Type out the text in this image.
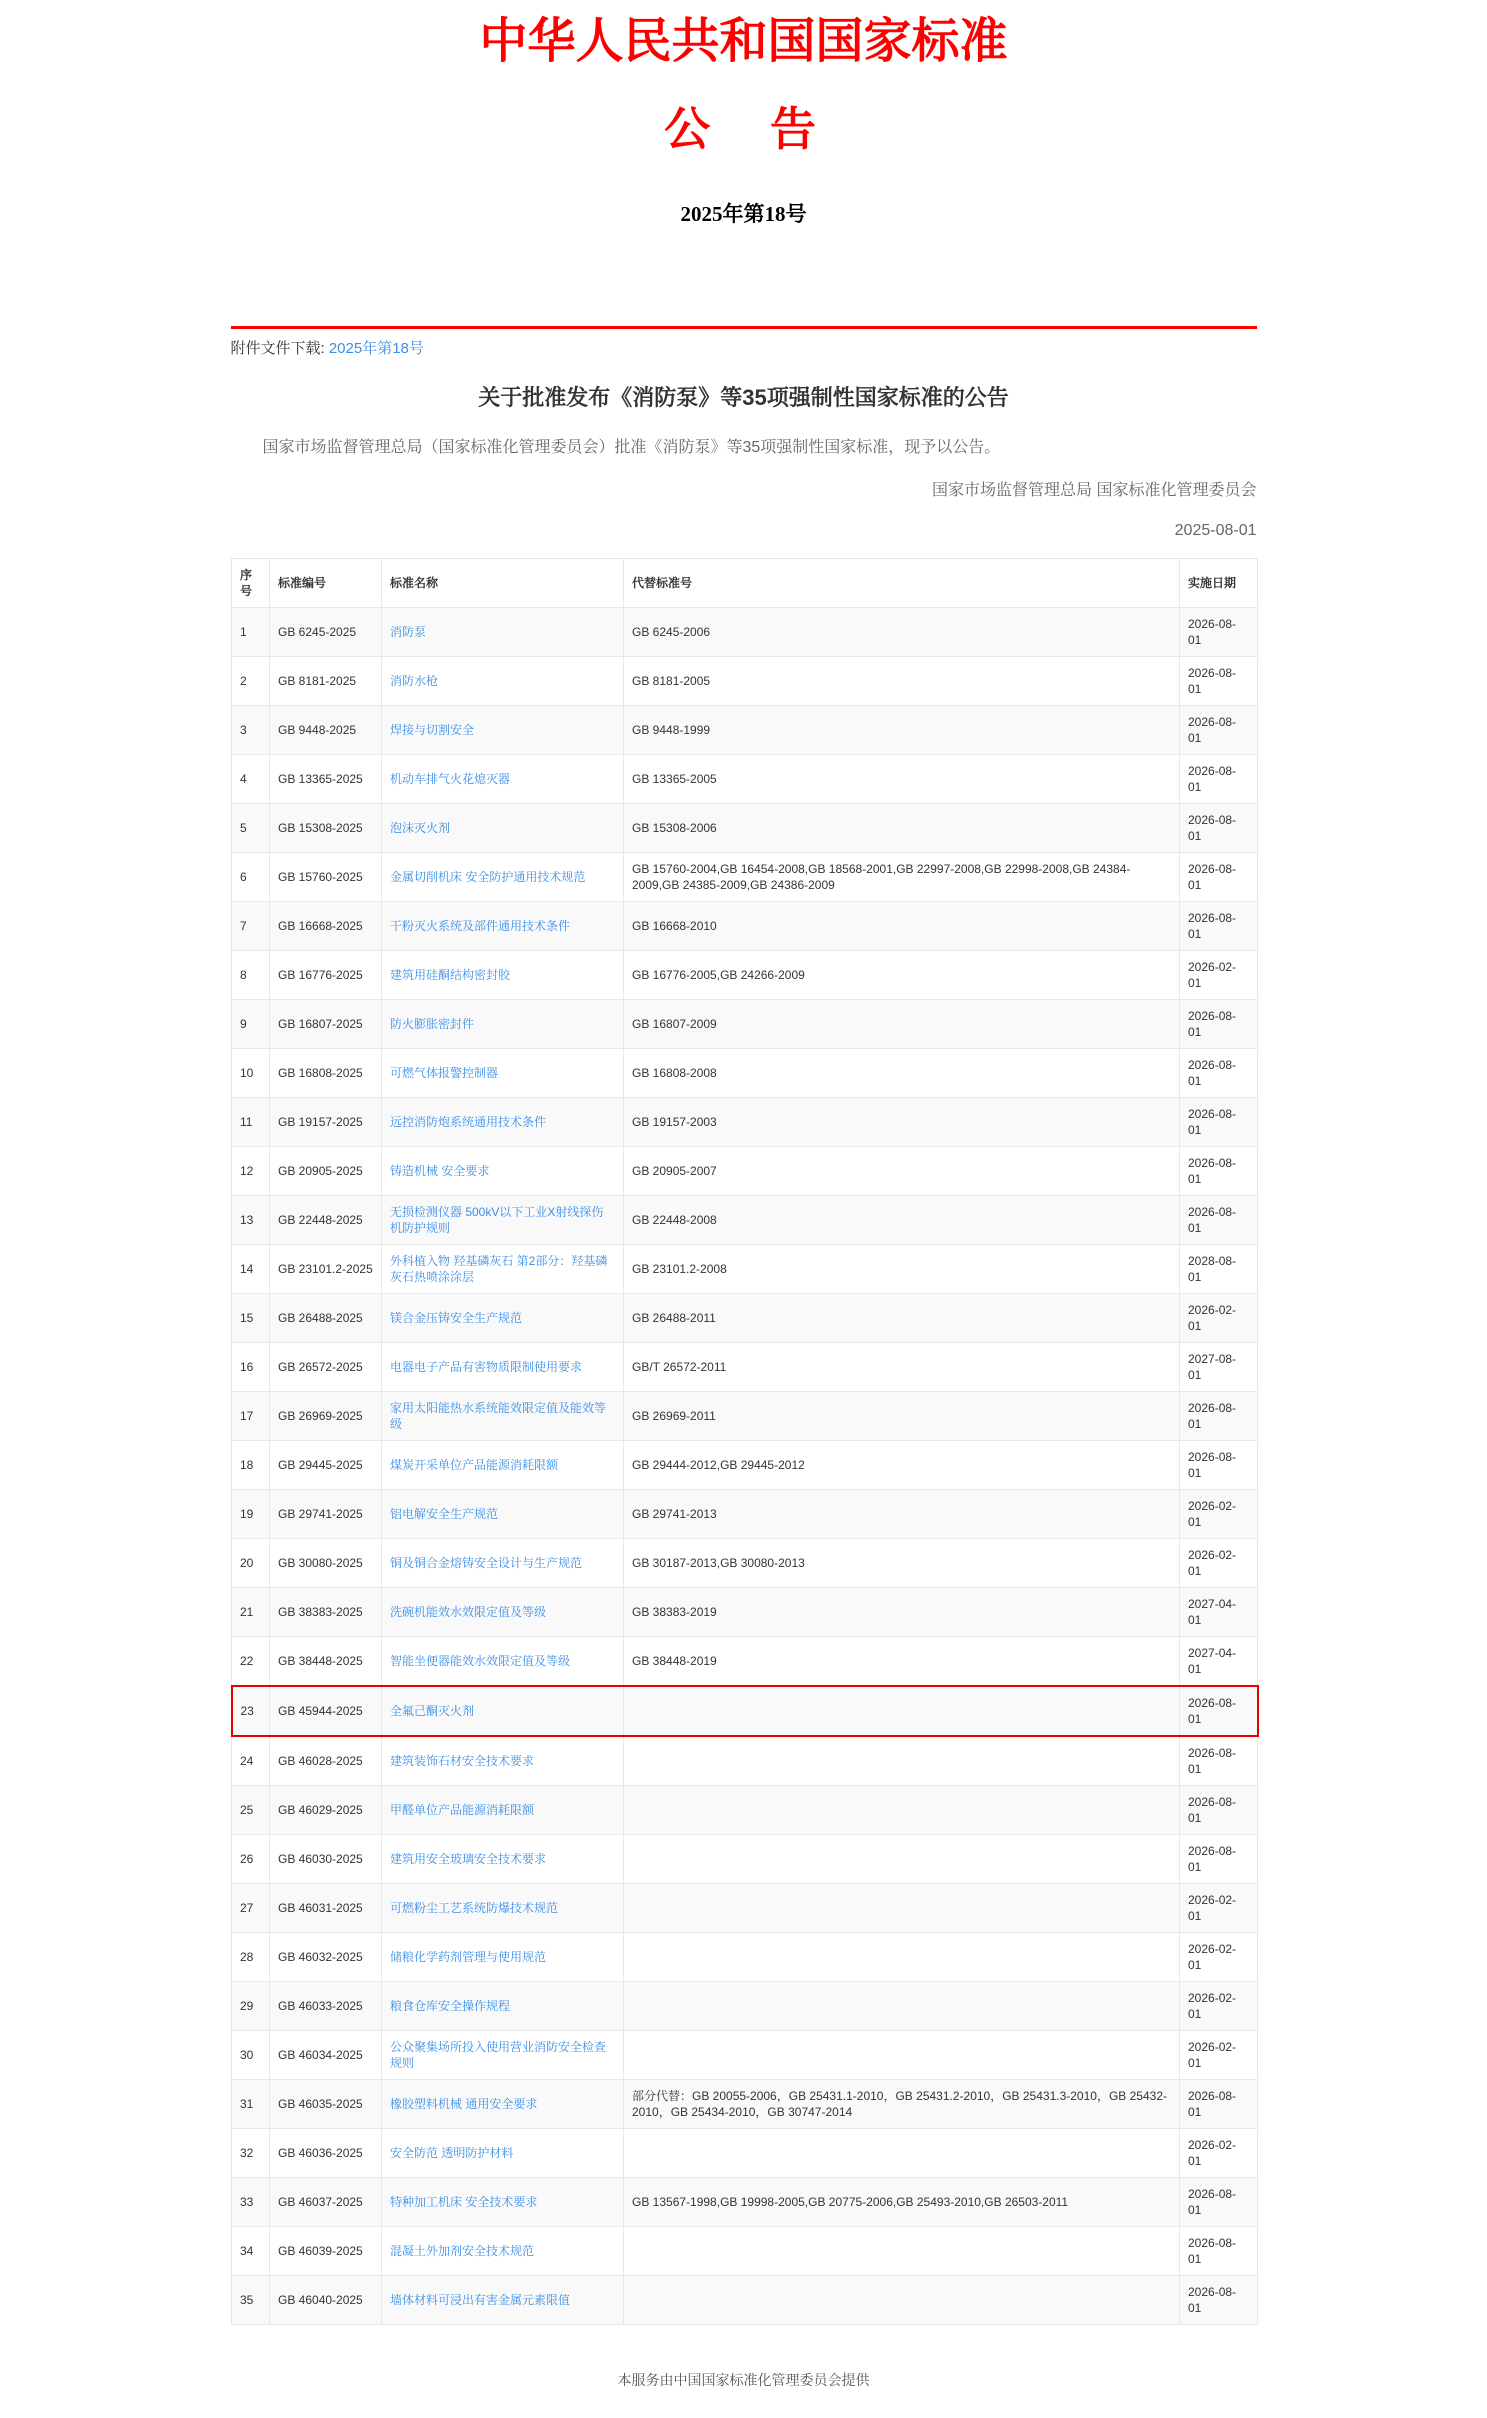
中华人民共和国国家标准
公　告
2025年第18号
附件文件下载: 2025年第18号
关于批准发布《消防泵》等35项强制性国家标准的公告
国家市场监督管理总局（国家标准化管理委员会）批准《消防泵》等35项强制性国家标准，现予以公告。
国家市场监督管理总局 国家标准化管理委员会
2025-08-01
序号	标准编号	标准名称	代替标准号	实施日期
1	GB 6245-2025	消防泵	GB 6245-2006	2026-08-01
2	GB 8181-2025	消防水枪	GB 8181-2005	2026-08-01
3	GB 9448-2025	焊接与切割安全	GB 9448-1999	2026-08-01
4	GB 13365-2025	机动车排气火花熄灭器	GB 13365-2005	2026-08-01
5	GB 15308-2025	泡沫灭火剂	GB 15308-2006	2026-08-01
6	GB 15760-2025	金属切削机床 安全防护通用技术规范	GB 15760-2004,GB 16454-2008,GB 18568-2001,GB 22997-2008,GB 22998-2008,GB 24384-2009,GB 24385-2009,GB 24386-2009	2026-08-01
7	GB 16668-2025	干粉灭火系统及部件通用技术条件	GB 16668-2010	2026-08-01
8	GB 16776-2025	建筑用硅酮结构密封胶	GB 16776-2005,GB 24266-2009	2026-02-01
9	GB 16807-2025	防火膨胀密封件	GB 16807-2009	2026-08-01
10	GB 16808-2025	可燃气体报警控制器	GB 16808-2008	2026-08-01
11	GB 19157-2025	远控消防炮系统通用技术条件	GB 19157-2003	2026-08-01
12	GB 20905-2025	铸造机械 安全要求	GB 20905-2007	2026-08-01
13	GB 22448-2025	无损检测仪器 500kV以下工业X射线探伤机防护规则	GB 22448-2008	2026-08-01
14	GB 23101.2-2025	外科植入物 羟基磷灰石 第2部分：羟基磷灰石热喷涂涂层	GB 23101.2-2008	2028-08-01
15	GB 26488-2025	镁合金压铸安全生产规范	GB 26488-2011	2026-02-01
16	GB 26572-2025	电器电子产品有害物质限制使用要求	GB/T 26572-2011	2027-08-01
17	GB 26969-2025	家用太阳能热水系统能效限定值及能效等级	GB 26969-2011	2026-08-01
18	GB 29445-2025	煤炭开采单位产品能源消耗限额	GB 29444-2012,GB 29445-2012	2026-08-01
19	GB 29741-2025	铝电解安全生产规范	GB 29741-2013	2026-02-01
20	GB 30080-2025	铜及铜合金熔铸安全设计与生产规范	GB 30187-2013,GB 30080-2013	2026-02-01
21	GB 38383-2025	洗碗机能效水效限定值及等级	GB 38383-2019	2027-04-01
22	GB 38448-2025	智能坐便器能效水效限定值及等级	GB 38448-2019	2027-04-01
23	GB 45944-2025	全氟己酮灭火剂		2026-08-01
24	GB 46028-2025	建筑装饰石材安全技术要求		2026-08-01
25	GB 46029-2025	甲醛单位产品能源消耗限额		2026-08-01
26	GB 46030-2025	建筑用安全玻璃安全技术要求		2026-08-01
27	GB 46031-2025	可燃粉尘工艺系统防爆技术规范		2026-02-01
28	GB 46032-2025	储粮化学药剂管理与使用规范		2026-02-01
29	GB 46033-2025	粮食仓库安全操作规程		2026-02-01
30	GB 46034-2025	公众聚集场所投入使用营业消防安全检查规则		2026-02-01
31	GB 46035-2025	橡胶塑料机械 通用安全要求	部分代替：GB 20055-2006，GB 25431.1-2010，GB 25431.2-2010，GB 25431.3-2010，GB 25432-2010，GB 25434-2010，GB 30747-2014	2026-08-01
32	GB 46036-2025	安全防范 透明防护材料		2026-02-01
33	GB 46037-2025	特种加工机床 安全技术要求	GB 13567-1998,GB 19998-2005,GB 20775-2006,GB 25493-2010,GB 26503-2011	2026-08-01
34	GB 46039-2025	混凝土外加剂安全技术规范		2026-08-01
35	GB 46040-2025	墙体材料可浸出有害金属元素限值		2026-08-01
本服务由中国国家标准化管理委员会提供
